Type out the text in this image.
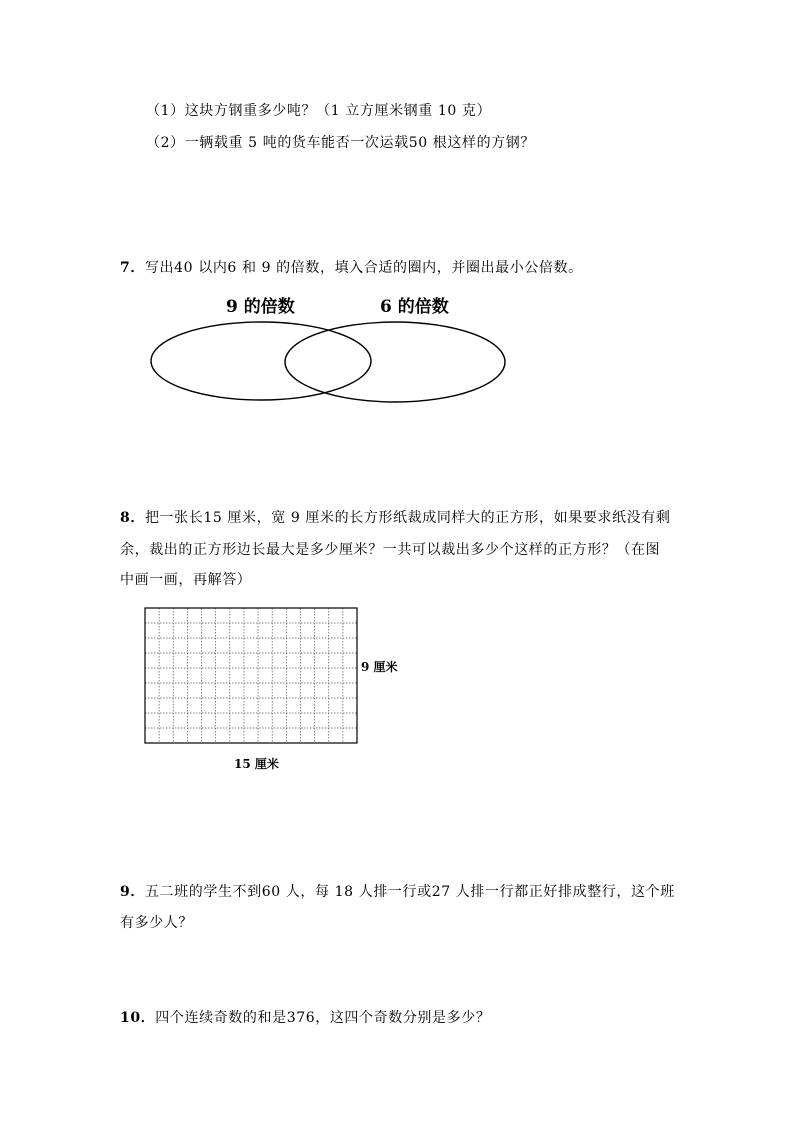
（1）这块方钢重多少吨？（1 立方厘米钢重 10 克）

（2）一辆载重 5 吨的货车能否一次运载50 根这样的方钢？

7．写出40 以内6 和 9 的倍数，填入合适的圈内，并圈出最小公倍数。

9 的倍数	6 的倍数

8．把一张长15 厘米，宽 9 厘米的长方形纸裁成同样大的正方形，如果要求纸没有剩

余，裁出的正方形边长最大是多少厘米？一共可以裁出多少个这样的正方形？（在图

中画一画，再解答）

9 厘米
15 厘米

9．五二班的学生不到60 人，每 18 人排一行或27 人排一行都正好排成整行，这个班

有多少人？

10．四个连续奇数的和是376，这四个奇数分别是多少？
